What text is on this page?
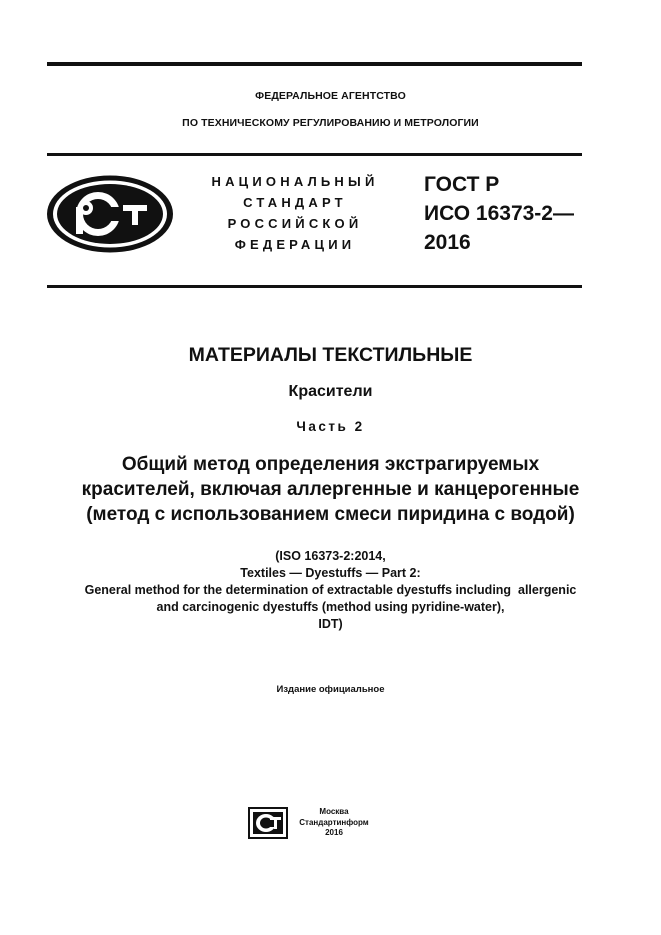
ФЕДЕРАЛЬНОЕ АГЕНТСТВО
ПО ТЕХНИЧЕСКОМУ РЕГУЛИРОВАНИЮ И МЕТРОЛОГИИ
НАЦИОНАЛЬНЫЙ
СТАНДАРТ
РОССИЙСКОЙ
ФЕДЕРАЦИИ
ГОСТ Р
ИСО 16373-2—
2016
МАТЕРИАЛЫ ТЕКСТИЛЬНЫЕ
Красители
Часть 2
Общий метод определения экстрагируемых
красителей, включая аллергенные и канцерогенные
(метод с использованием смеси пиридина с водой)
(ISO 16373-2:2014,
Textiles — Dyestuffs — Part 2:
General method for the determination of extractable dyestuffs including  allergenic
and carcinogenic dyestuffs (method using pyridine-water),
IDT)
Издание официальное
Москва
Стандартинформ
2016
